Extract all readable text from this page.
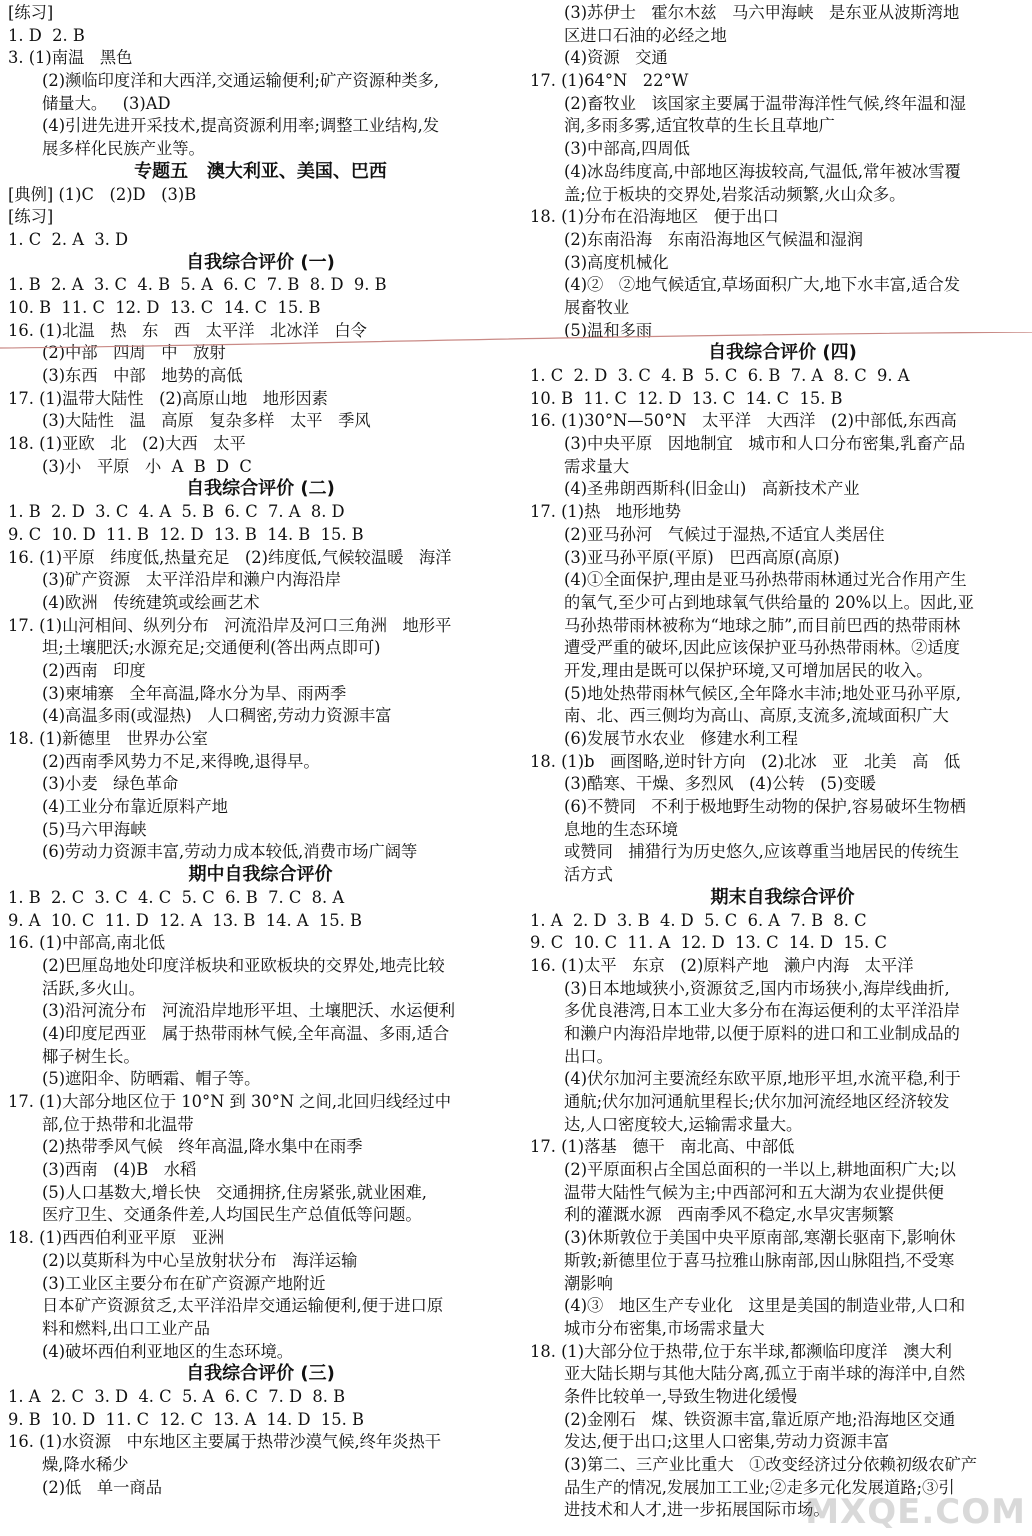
[练习]
1. D  2. B
3. (1)南温   黑色
(2)濒临印度洋和大西洋,交通运输便利;矿产资源种类多,
储量大。   (3)AD
(4)引进先进开采技术,提高资源利用率;调整工业结构,发
展多样化民族产业等。
专题五   澳大利亚、美国、巴西
[典例] (1)C   (2)D   (3)B
[练习]
1. C  2. A  3. D
自我综合评价 (一)
1. B  2. A  3. C  4. B  5. A  6. C  7. B  8. D  9. B
10. B  11. C  12. D  13. C  14. C  15. B
16. (1)北温   热   东   西   太平洋   北冰洋   白令
(2)中部   四周   中   放射
(3)东西   中部   地势的高低
17. (1)温带大陆性   (2)高原山地   地形因素
(3)大陆性   温   高原   复杂多样   太平   季风
18. (1)亚欧   北   (2)大西   太平
(3)小   平原   小  A  B  D  C
自我综合评价 (二)
1. B  2. D  3. C  4. A  5. B  6. C  7. A  8. D
9. C  10. D  11. B  12. D  13. B  14. B  15. B
16. (1)平原   纬度低,热量充足   (2)纬度低,气候较温暖   海洋
(3)矿产资源   太平洋沿岸和濑户内海沿岸
(4)欧洲   传统建筑或绘画艺术
17. (1)山河相间、纵列分布   河流沿岸及河口三角洲   地形平
坦;土壤肥沃;水源充足;交通便利(答出两点即可)
(2)西南   印度
(3)柬埔寨   全年高温,降水分为旱、雨两季
(4)高温多雨(或湿热)   人口稠密,劳动力资源丰富
18. (1)新德里   世界办公室
(2)西南季风势力不足,来得晚,退得早。
(3)小麦   绿色革命
(4)工业分布靠近原料产地
(5)马六甲海峡
(6)劳动力资源丰富,劳动力成本较低,消费市场广阔等
期中自我综合评价
1. B  2. C  3. C  4. C  5. C  6. B  7. C  8. A
9. A  10. C  11. D  12. A  13. B  14. A  15. B
16. (1)中部高,南北低
(2)巴厘岛地处印度洋板块和亚欧板块的交界处,地壳比较
活跃,多火山。
(3)沿河流分布   河流沿岸地形平坦、土壤肥沃、水运便利
(4)印度尼西亚   属于热带雨林气候,全年高温、多雨,适合
椰子树生长。
(5)遮阳伞、防晒霜、帽子等。
17. (1)大部分地区位于 10°N 到 30°N 之间,北回归线经过中
部,位于热带和北温带
(2)热带季风气候   终年高温,降水集中在雨季
(3)西南   (4)B   水稻
(5)人口基数大,增长快   交通拥挤,住房紧张,就业困难,
医疗卫生、交通条件差,人均国民生产总值低等问题。
18. (1)西西伯利亚平原   亚洲
(2)以莫斯科为中心呈放射状分布   海洋运输
(3)工业区主要分布在矿产资源产地附近
日本矿产资源贫乏,太平洋沿岸交通运输便利,便于进口原
料和燃料,出口工业产品
(4)破坏西伯利亚地区的生态环境。
自我综合评价 (三)
1. A  2. C  3. D  4. C  5. A  6. C  7. D  8. B
9. B  10. D  11. C  12. C  13. A  14. D  15. B
16. (1)水资源   中东地区主要属于热带沙漠气候,终年炎热干
燥,降水稀少
(2)低   单一商品
(3)苏伊士   霍尔木兹   马六甲海峡   是东亚从波斯湾地
区进口石油的必经之地
(4)资源   交通
17. (1)64°N   22°W
(2)畜牧业   该国家主要属于温带海洋性气候,终年温和湿
润,多雨多雾,适宜牧草的生长且草地广
(3)中部高,四周低
(4)冰岛纬度高,中部地区海拔较高,气温低,常年被冰雪覆
盖;位于板块的交界处,岩浆活动频繁,火山众多。
18. (1)分布在沿海地区   便于出口
(2)东南沿海   东南沿海地区气候温和湿润
(3)高度机械化
(4)②   ②地气候适宜,草场面积广大,地下水丰富,适合发
展畜牧业
(5)温和多雨
自我综合评价 (四)
1. C  2. D  3. C  4. B  5. C  6. B  7. A  8. C  9. A
10. B  11. C  12. D  13. C  14. C  15. B
16. (1)30°N—50°N   太平洋   大西洋   (2)中部低,东西高
(3)中央平原   因地制宜   城市和人口分布密集,乳畜产品
需求量大
(4)圣弗朗西斯科(旧金山)   高新技术产业
17. (1)热   地形地势
(2)亚马孙河   气候过于湿热,不适宜人类居住
(3)亚马孙平原(平原)   巴西高原(高原)
(4)①全面保护,理由是亚马孙热带雨林通过光合作用产生
的氧气,至少可占到地球氧气供给量的 20%以上。因此,亚
马孙热带雨林被称为“地球之肺”,而目前巴西的热带雨林
遭受严重的破坏,因此应该保护亚马孙热带雨林。②适度
开发,理由是既可以保护环境,又可增加居民的收入。
(5)地处热带雨林气候区,全年降水丰沛;地处亚马孙平原,
南、北、西三侧均为高山、高原,支流多,流域面积广大
(6)发展节水农业   修建水利工程
18. (1)b   画图略,逆时针方向   (2)北冰   亚   北美   高   低
(3)酷寒、干燥、多烈风   (4)公转   (5)变暖
(6)不赞同   不利于极地野生动物的保护,容易破坏生物栖
息地的生态环境
或赞同   捕猎行为历史悠久,应该尊重当地居民的传统生
活方式
期末自我综合评价
1. A  2. D  3. B  4. D  5. C  6. A  7. B  8. C
9. C  10. C  11. A  12. D  13. C  14. D  15. C
16. (1)太平   东京   (2)原料产地   濑户内海   太平洋
(3)日本地域狭小,资源贫乏,国内市场狭小,海岸线曲折,
多优良港湾,日本工业大多分布在海运便利的太平洋沿岸
和濑户内海沿岸地带,以便于原料的进口和工业制成品的
出口。
(4)伏尔加河主要流经东欧平原,地形平坦,水流平稳,利于
通航;伏尔加河通航里程长;伏尔加河流经地区经济较发
达,人口密度较大,运输需求量大。
17. (1)落基   德干   南北高、中部低
(2)平原面积占全国总面积的一半以上,耕地面积广大;以
温带大陆性气候为主;中西部河和五大湖为农业提供便
利的灌溉水源   西南季风不稳定,水旱灾害频繁
(3)休斯敦位于美国中央平原南部,寒潮长驱南下,影响休
斯敦;新德里位于喜马拉雅山脉南部,因山脉阻挡,不受寒
潮影响
(4)③   地区生产专业化   这里是美国的制造业带,人口和
城市分布密集,市场需求量大
18. (1)大部分位于热带,位于东半球,都濒临印度洋   澳大利
亚大陆长期与其他大陆分离,孤立于南半球的海洋中,自然
条件比较单一,导致生物进化缓慢
(2)金刚石   煤、铁资源丰富,靠近原产地;沿海地区交通
发达,便于出口;这里人口密集,劳动力资源丰富
(3)第二、三产业比重大   ①改变经济过分依赖初级农矿产
品生产的情况,发展加工工业;②走多元化发展道路;③引
进技术和人才,进一步拓展国际市场。
MXQE.COM
